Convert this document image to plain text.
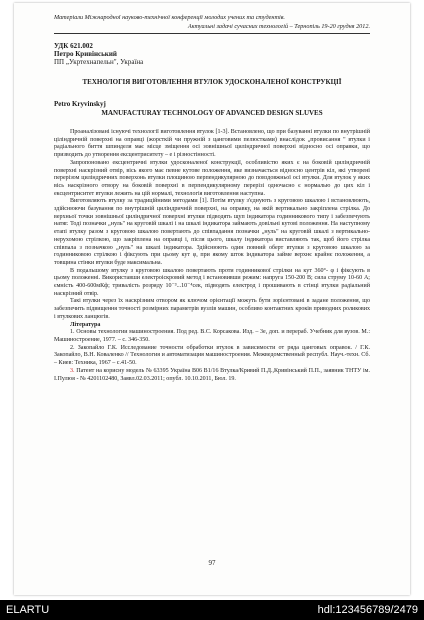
Матеріали Міжнародної науково-технічної конференції молодих учених та студентів.
Актуальні задачі сучасних технологій – Тернопіль 19-20 грудня 2012.
УДК 621.002
Петро Кривінський
ПП „Укртехнапельн", Україна
ТЕХНОЛОГІЯ ВИГОТОВЛЕННЯ ВТУЛОК УДОСКОНАЛЕНОЇ КОНСТРУКЦІЇ
Petro Kryvinskyj
MANUFACTURAY TECHNOLOGY OF ADVANCED DESIGN SLUVES

Проаналізовані існуючі технології виготовлення втулок [1-3]. Встановлено, що при базуванні втулки по внутрішній ціліндричній поверхні на оправці (жорсткій чи пружній з цанговими пелюстками) внаслідок „провисання " втулки і радіального биття шпинделя має місце зміщення осі зовнішньої циліндричної поверхні відносно осі оправки, що призводить до утворення ексцентриситету – е і різностінності.

Запропоновано ексцентричні втулки удосконаленої конструкції, особливістю яких є на боковій циліндричній поверхні наскрізний отвір, вісь якого має певне кутове положення, яке визначається відносно центрів кіл, які утворені перерізом циліндричних поверхонь втулки площиною перпендикулярною до повздовжньої осі втулки. Для втулок у яких вісь наскрізного отвору на боковій поверхні в перпендикулярному перерізі одночасно є нормалью до цих кіл і ексцентриситет втулки лежить на цій нормалі, технологія виготовлення наступна.

Виготовляють втулку за традиційними методами [1]. Потім втулку з'єднують з круговою шкалою і встановлюють, здійснюючи базування по внутрішній циліндричній поверхні, на оправку, на якій вертикально закріплена стрілка. До верхньої точки зовнішньої циліндричної поверхні втулки підводять щуп індикатора годинникового типу і забезпечують натяг. Тоді позначки „нуль" на круговій шкалі і на шкалі індикатора займають довільні кутові положення. На наступному етапі втулку разом з круговою шкалою повертають до співпадання позначки „нуль" на круговій шкалі з вертикально-нерухомою стрілкою, що закріплена на оправці і, після цього, шкалу індикатора виставляють так, щоб його стрілка співпала з позначкою „нуль" на шкалі індикатора. Здійснюють один повний оберт втулки з круговою шкалою за годинниковою стрілкою і фіксують при цьому кут φ, при якому шток індикатора займе верхнє крайнє положення, а товщина стінки втулки буде максимальна.

В подальшому втулку з круговою шкалою повертають проти годинникової стрілки на кут 360°- φ і фіксують в цьому положенні. Використавши електроіскровий метод і встановивши режим: напруга 150-200 В; сила струму 10-60 А; ємність 400-600мКф; тривалість розряду 10⁻³...10⁻⁴сек, підводять електрод і прошивають в стінці втулки радіальний наскрізний отвір.

Такі втулки через їх наскрізним отвором як ключом орієнтації можуть бути зорієнтовані в задане положення, що забезпечить підвищення точності розмірних параметрів вузлів машин, особливо контактних кроків приводних роликових і втулкових ланцюгів.

Література

1. Основы технологии машиностроения. Под ред. В.С. Корсакова. Изд. – 3е, доп. и перераб. Учебник для вузов. М.: Машиностроение, 1977. – с. 346-350.

2. Закопайло Г.К. Исследование точности обработки втулок в зависимости от ряда цанговых оправок. / Г.К. Закопайло, В.Н. Коваленко // Технология и автоматизация машиностроения. Межведомственный республ. Науч.-техн. Сб. – Киев: Техника, 1967 – с.41-50.

3. Патент на корисну модель № 63395 Україна В06 В1/16 Втулка/Кривий П.Д.,Кривінський П.П., заявник ТНТУ ім. І.Пулюя - № 4201102480, Заявл.02.03.2011; опубл. 10.10.2011, Бюл. 19.

97
ELARTU	hdl:123456789/2479
